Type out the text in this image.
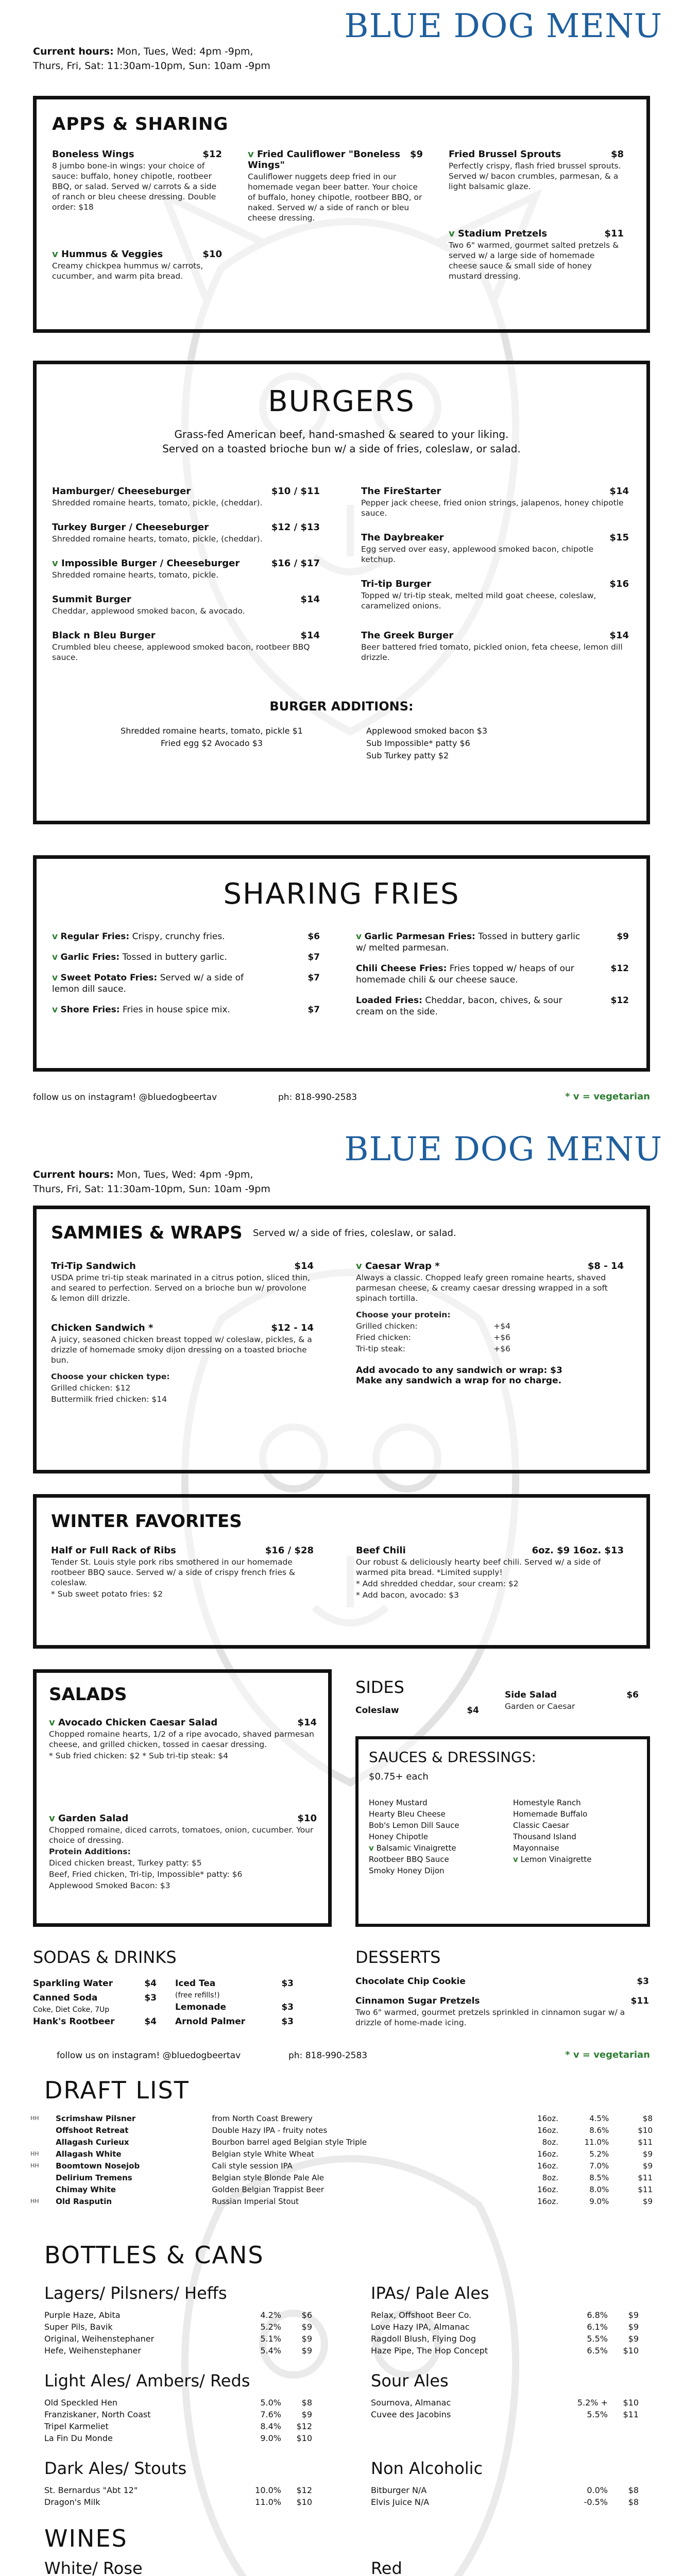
BLUE DOG MENU
Current hours: Mon, Tues, Wed: 4pm -9pm,
Thurs, Fri, Sat: 11:30am-10pm, Sun: 10am -9pm
APPS & SHARING
Boneless Wings	$12
8 jumbo bone-in wings: your choice of sauce: buffalo, honey chipotle, rootbeer BBQ, or salad. Served w/ carrots & a side of ranch or bleu cheese dressing. Double order: $18
v Hummus & Veggies	$10
Creamy chickpea hummus w/ carrots, cucumber, and warm pita bread.
v Fried Cauliflower "Boneless Wings"
$9
Cauliflower nuggets deep fried in our homemade vegan beer batter. Your choice of buffalo, honey chipotle, rootbeer BBQ, or naked. Served w/ a side of ranch or bleu cheese dressing.
Fried Brussel Sprouts	$8
Perfectly crispy, flash fried brussel sprouts. Served w/ bacon crumbles, parmesan, & a light balsamic glaze.
v Stadium Pretzels	$11
Two 6" warmed, gourmet salted pretzels & served w/ a large side of homemade cheese sauce & small side of honey mustard dressing.
BURGERS
Grass-fed American beef, hand-smashed & seared to your liking.
Served on a toasted brioche bun w/ a side of fries, coleslaw, or salad.
Hamburger/ Cheeseburger	$10 / $11
Shredded romaine hearts, tomato, pickle, (cheddar).
Turkey Burger / Cheeseburger	$12 / $13
Shredded romaine hearts, tomato, pickle, (cheddar).
v Impossible Burger / Cheeseburger	$16 / $17
Shredded romaine hearts, tomato, pickle.
Summit Burger	$14
Cheddar, applewood smoked bacon, & avocado.
Black n Bleu Burger	$14
Crumbled bleu cheese, applewood smoked bacon, rootbeer BBQ sauce.
The FireStarter	$14
Pepper jack cheese, fried onion strings, jalapenos, honey chipotle sauce.
The Daybreaker	$15
Egg served over easy, applewood smoked bacon, chipotle ketchup.
Tri-tip Burger	$16
Topped w/ tri-tip steak, melted mild goat cheese, coleslaw, caramelized onions.
The Greek Burger	$14
Beer battered fried tomato, pickled onion, feta cheese, lemon dill drizzle.
BURGER ADDITIONS:
Shredded romaine hearts, tomato, pickle $1
Fried egg $2 Avocado $3
Applewood smoked bacon $3
Sub Impossible* patty $6
Sub Turkey patty $2
SHARING FRIES
v Regular Fries: Crispy, crunchy fries.	$6
v Garlic Fries: Tossed in buttery garlic.	$7
v Sweet Potato Fries: Served w/ a side of lemon dill sauce.
$7
v Shore Fries: Fries in house spice mix.	$7
v Garlic Parmesan Fries: Tossed in buttery garlic w/ melted parmesan.
$9
Chili Cheese Fries: Fries topped w/ heaps of our homemade chili & our cheese sauce.
$12
Loaded Fries: Cheddar, bacon, chives, & sour cream on the side.
$12
follow us on instagram! @bluedogbeertav	ph: 818-990-2583	* v = vegetarian
BLUE DOG MENU
Current hours: Mon, Tues, Wed: 4pm -9pm,
Thurs, Fri, Sat: 11:30am-10pm, Sun: 10am -9pm
SAMMIES & WRAPS Served w/ a side of fries, coleslaw, or salad.
Tri-Tip Sandwich	$14
USDA prime tri-tip steak marinated in a citrus potion, sliced thin, and seared to perfection. Served on a brioche bun w/ provolone & lemon dill drizzle.
Chicken Sandwich *	$12 - 14
A juicy, seasoned chicken breast topped w/ coleslaw, pickles, & a drizzle of homemade smoky dijon dressing on a toasted brioche bun.
Choose your chicken type:
Grilled chicken: $12
Buttermilk fried chicken: $14
v Caesar Wrap *	$8 - 14
Always a classic. Chopped leafy green romaine hearts, shaved parmesan cheese, & creamy caesar dressing wrapped in a soft spinach tortilla.
Choose your protein:
Grilled chicken:	+$4
Fried chicken:	+$6
Tri-tip steak:	+$6
Add avocado to any sandwich or wrap: $3
Make any sandwich a wrap for no charge.
WINTER FAVORITES
Half or Full Rack of Ribs	$16 / $28
Tender St. Louis style pork ribs smothered in our homemade rootbeer BBQ sauce. Served w/ a side of crispy french fries & coleslaw.
* Sub sweet potato fries: $2
Beef Chili	6oz. $9 16oz. $13
Our robust & deliciously hearty beef chili. Served w/ a side of warmed pita bread. *Limited supply!
* Add shredded cheddar, sour cream: $2
* Add bacon, avocado: $3
SALADS
v Avocado Chicken Caesar Salad	$14
Chopped romaine hearts, 1/2 of a ripe avocado, shaved parmesan cheese, and grilled chicken, tossed in caesar dressing.
* Sub fried chicken: $2 * Sub tri-tip steak: $4
v Garden Salad	$10
Chopped romaine, diced carrots, tomatoes, onion, cucumber. Your choice of dressing.
Protein Additions:
Diced chicken breast, Turkey patty: $5
Beef, Fried chicken, Tri-tip, Impossible* patty: $6
Applewood Smoked Bacon: $3
SIDES
Coleslaw	$4
Side Salad	$6
Garden or Caesar
SAUCES & DRESSINGS:
$0.75+ each
Honey Mustard
Hearty Bleu Cheese
Bob's Lemon Dill Sauce
Honey Chipotle
v Balsamic Vinaigrette
Rootbeer BBQ Sauce
Smoky Honey Dijon
Homestyle Ranch
Homemade Buffalo
Classic Caesar
Thousand Island
Mayonnaise
v Lemon Vinaigrette
SODAS & DRINKS
Sparkling Water	$4
Canned Soda	$3
Coke, Diet Coke, 7Up
Hank's Rootbeer	$4
Iced Tea	$3
(free refills!)
Lemonade	$3
Arnold Palmer	$3
DESSERTS
Chocolate Chip Cookie	$3
Cinnamon Sugar Pretzels	$11
Two 6" warmed, gourmet pretzels sprinkled in cinnamon sugar w/ a drizzle of home-made icing.
follow us on instagram! @bluedogbeertav	ph: 818-990-2583	* v = vegetarian
DRAFT LIST
HH	Scrimshaw Pilsner	from North Coast Brewery	16oz.	4.5%	$8
	Offshoot Retreat	Double Hazy IPA - fruity notes	16oz.	8.6%	$10
	Allagash Curieux	Bourbon barrel aged Belgian style Triple	8oz.	11.0%	$11
HH	Allagash White	Belgian style White Wheat	16oz.	5.2%	$9
HH	Boomtown Nosejob	Cali style session IPA	16oz.	7.0%	$9
	Delirium Tremens	Belgian style Blonde Pale Ale	8oz.	8.5%	$11
	Chimay White	Golden Belgian Trappist Beer	16oz.	8.0%	$11
HH	Old Rasputin	Russian Imperial Stout	16oz.	9.0%	$9
BOTTLES & CANS
Lagers/ Pilsners/ Heffs
Purple Haze, Abita	4.2%	$6
Super Pils, Bavik	5.2%	$9
Original, Weihenstephaner	5.1%	$9
Hefe, Weihenstephaner	5.4%	$9
IPAs/ Pale Ales
Relax, Offshoot Beer Co.	6.8%	$9
Love Hazy IPA, Almanac	6.1%	$9
Ragdoll Blush, Flying Dog	5.5%	$9
Haze Pipe, The Hop Concept	6.5%	$10
Light Ales/ Ambers/ Reds
Old Speckled Hen	5.0%	$8
Franziskaner, North Coast	7.6%	$9
Tripel Karmeliet	8.4%	$12
La Fin Du Monde	9.0%	$10
Sour Ales
Sournova, Almanac	5.2% +	$10
Cuvee des Jacobins	5.5%	$11
Dark Ales/ Stouts
St. Bernardus "Abt 12"	10.0%	$12
Dragon's Milk	11.0%	$10
Non Alcoholic
Bitburger N/A	0.0%	$8
Elvis Juice N/A	-0.5%	$8
WINES
White/ Rose	Red
